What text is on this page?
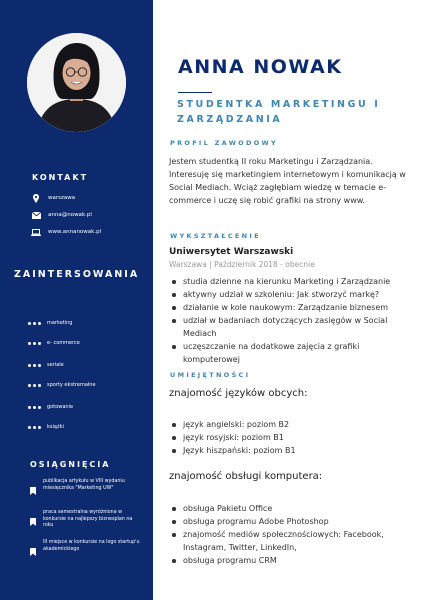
KONTAKT
warszawa
anna@nowak.pl
www.annanowak.pl
ZAINTERSOWANIA
marketing
e- commerce
seriale
sporty ekstremalne
gotowanie
książki
OSIĄGNIĘCIA
publikacja artykułu w VIII wydaniu miesięcznika "Marketing UW"
praca semestralna wyróżniona w konkursie na najlepszy biznesplan na roku
III miejsce w konkursie na logo startup'u akademickiego
ANNA NOWAK
STUDENTKA MARKETINGU I ZARZĄDZANIA
PROFIL ZAWODOWY

Jestem studentką II roku Marketingu i Zarządzania. Interesuję się marketingiem internetowym i komunikacją w Social Mediach. Wciąż zagłębiam wiedzę w temacie e-commerce i uczę się robić grafiki na strony www.

WYKSZTAŁCENIE

Uniwersytet Warszawski

Warszawa | Październik 2018 - obecnie

studia dzienne na kierunku Marketing i Zarządzanie
aktywny udział w szkoleniu: Jak stworzyć markę?
działanie w kole naukowym: Zarządzanie biznesem
udział w badaniach dotyczących zasięgów w Social Mediach
uczęszczanie na dodatkowe zajęcia z grafiki komputerowej
UMIEJĘTNOŚCI

znajomość języków obcych:

język angielski: poziom B2
język rosyjski: poziom B1
Język hiszpański: poziom B1

znajomość obsługi komputera:

obsługa Pakietu Office
obsługa programu Adobe Photoshop
znajomość mediów społecznościowych: Facebook, Instagram, Twitter, LinkedIn,
obsługa programu CRM
